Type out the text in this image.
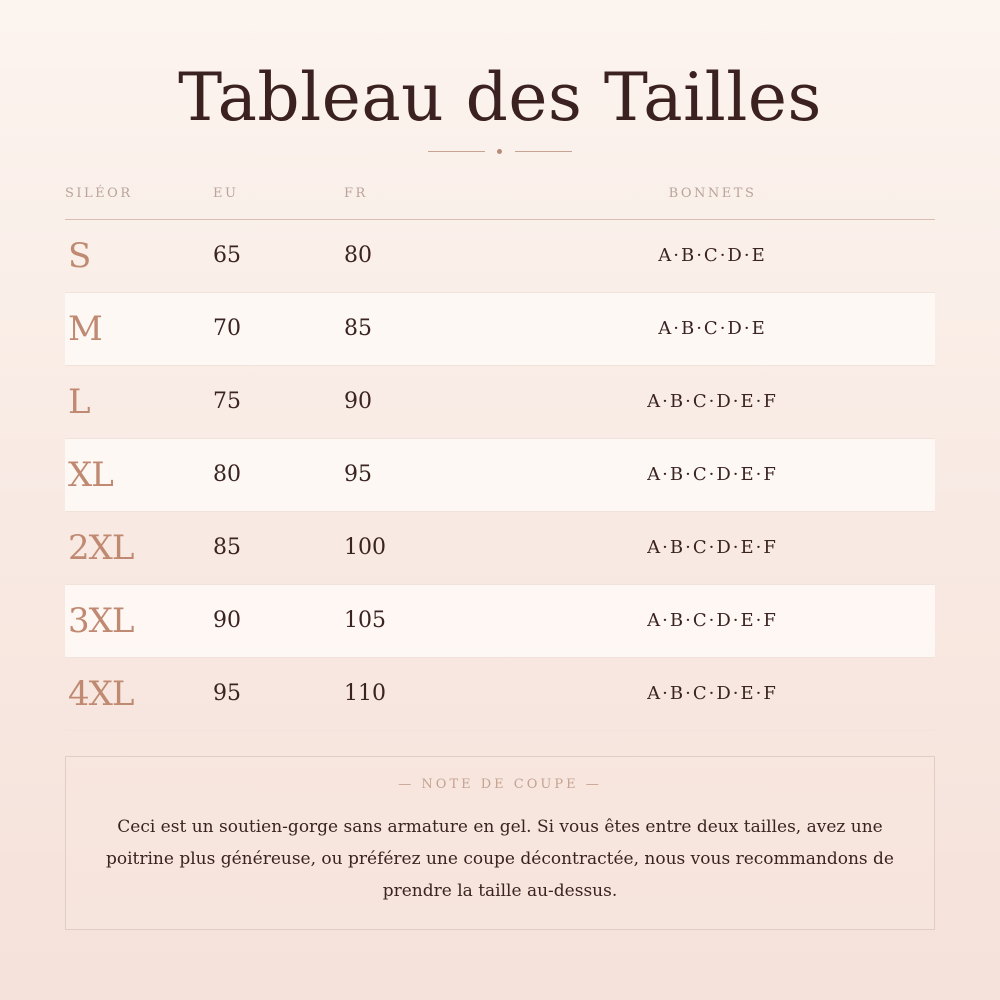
Tableau des Tailles
SILÉOR	EU	FR	BONNETS
S	65	80	A·B·C·D·E
M	70	85	A·B·C·D·E
L	75	90	A·B·C·D·E·F
XL	80	95	A·B·C·D·E·F
2XL	85	100	A·B·C·D·E·F
3XL	90	105	A·B·C·D·E·F
4XL	95	110	A·B·C·D·E·F
— NOTE DE COUPE —
Ceci est un soutien-gorge sans armature en gel. Si vous êtes entre deux tailles, avez une poitrine plus généreuse, ou préférez une coupe décontractée, nous vous recommandons de prendre la taille au-dessus.
